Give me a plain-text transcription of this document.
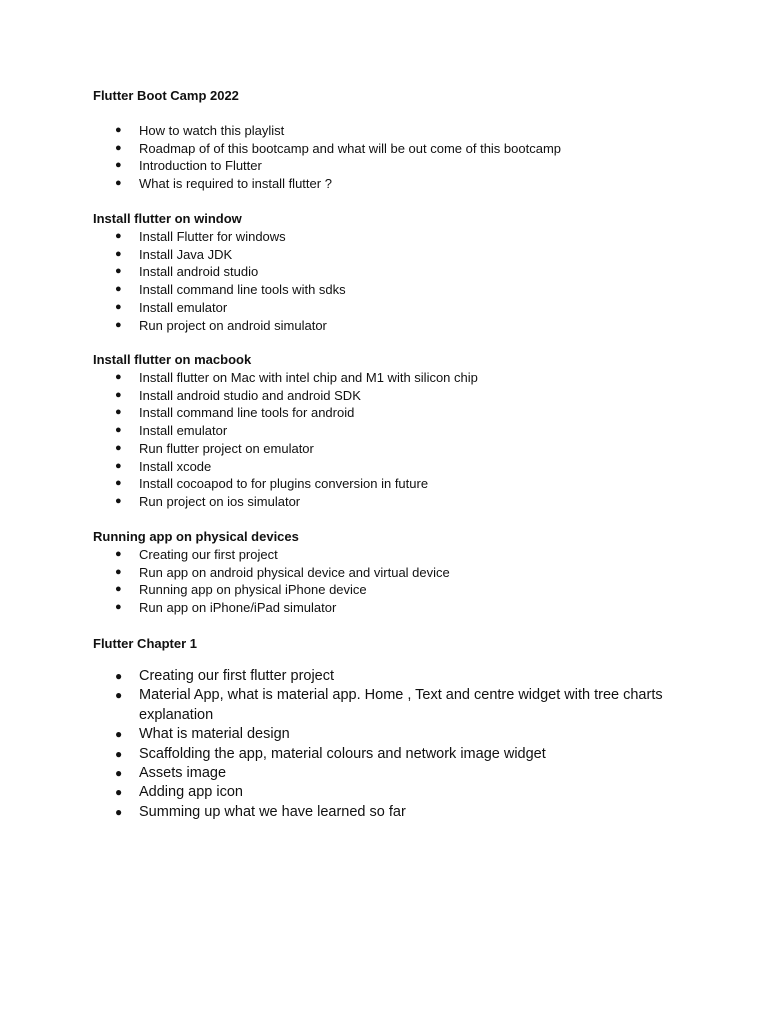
Flutter Boot Camp 2022
● How to watch this playlist
● Roadmap of of this bootcamp and what will be out come of this bootcamp
● Introduction to Flutter
● What is required to install flutter ?
Install flutter on window
● Install Flutter for windows
● Install Java JDK
● Install android studio
● Install command line tools with sdks
● Install emulator
● Run project on android simulator
Install flutter on macbook
● Install flutter on Mac with intel chip and M1 with silicon chip
● Install android studio and android SDK
● Install command line tools for android
● Install emulator
● Run flutter project on emulator
● Install xcode
● Install cocoapod to for plugins conversion in future
● Run project on ios simulator
Running app on physical devices
● Creating our first project
● Run app on android physical device and virtual device
● Running app on physical iPhone device
● Run app on iPhone/iPad simulator
Flutter Chapter 1
● Creating our first flutter project
● Material App, what is material app. Home , Text and centre widget with tree charts explanation
● What is material design
● Scaffolding the app, material colours and network image widget
● Assets image
● Adding app icon
● Summing up what we have learned so far
